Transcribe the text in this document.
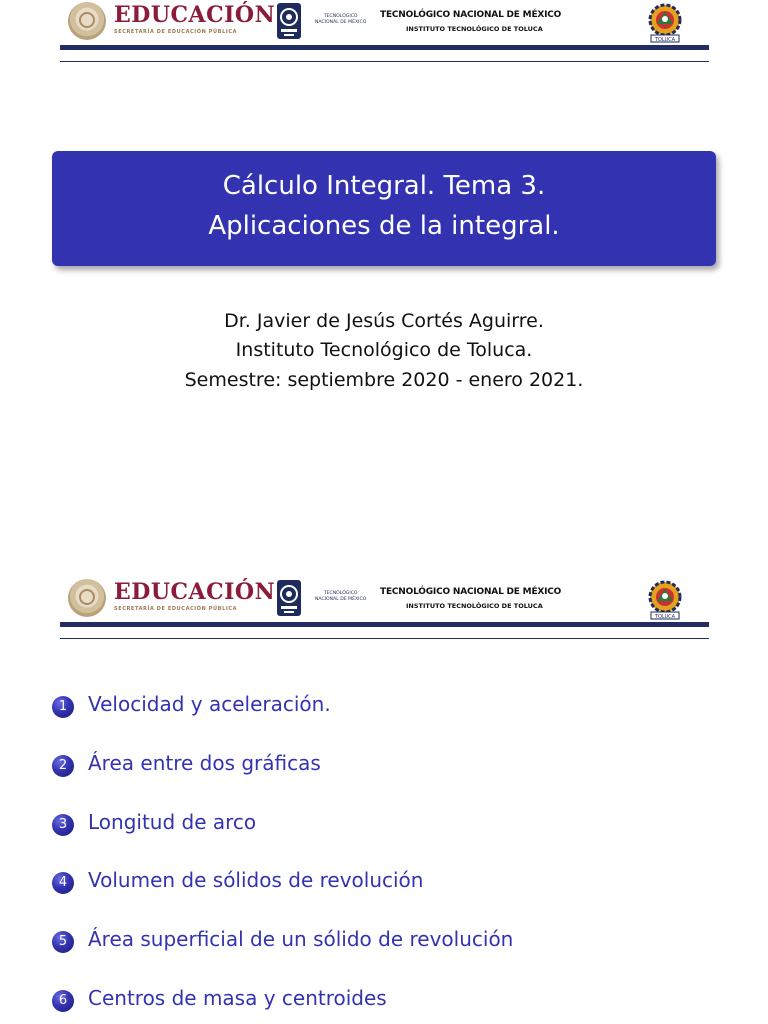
EDUCACIÓN
SECRETARÍA DE EDUCACIÓN PÚBLICA
TECNOLÓGICO
NACIONAL DE MÉXICO
TECNOLÓGICO NACIONAL DE MÉXICO
INSTITUTO TECNOLÓGICO DE TOLUCA
TOLUCA
Cálculo Integral. Tema 3.
Aplicaciones de la integral.
Dr. Javier de Jesús Cortés Aguirre.
Instituto Tecnológico de Toluca.
Semestre: septiembre 2020 - enero 2021.
EDUCACIÓN
SECRETARÍA DE EDUCACIÓN PÚBLICA
TECNOLÓGICO
NACIONAL DE MÉXICO
TECNOLÓGICO NACIONAL DE MÉXICO
INSTITUTO TECNOLÓGICO DE TOLUCA
TOLUCA
1	Velocidad y aceleración.
2	Área entre dos gráficas
3	Longitud de arco
4	Volumen de sólidos de revolución
5	Área superficial de un sólido de revolución
6	Centros de masa y centroides
